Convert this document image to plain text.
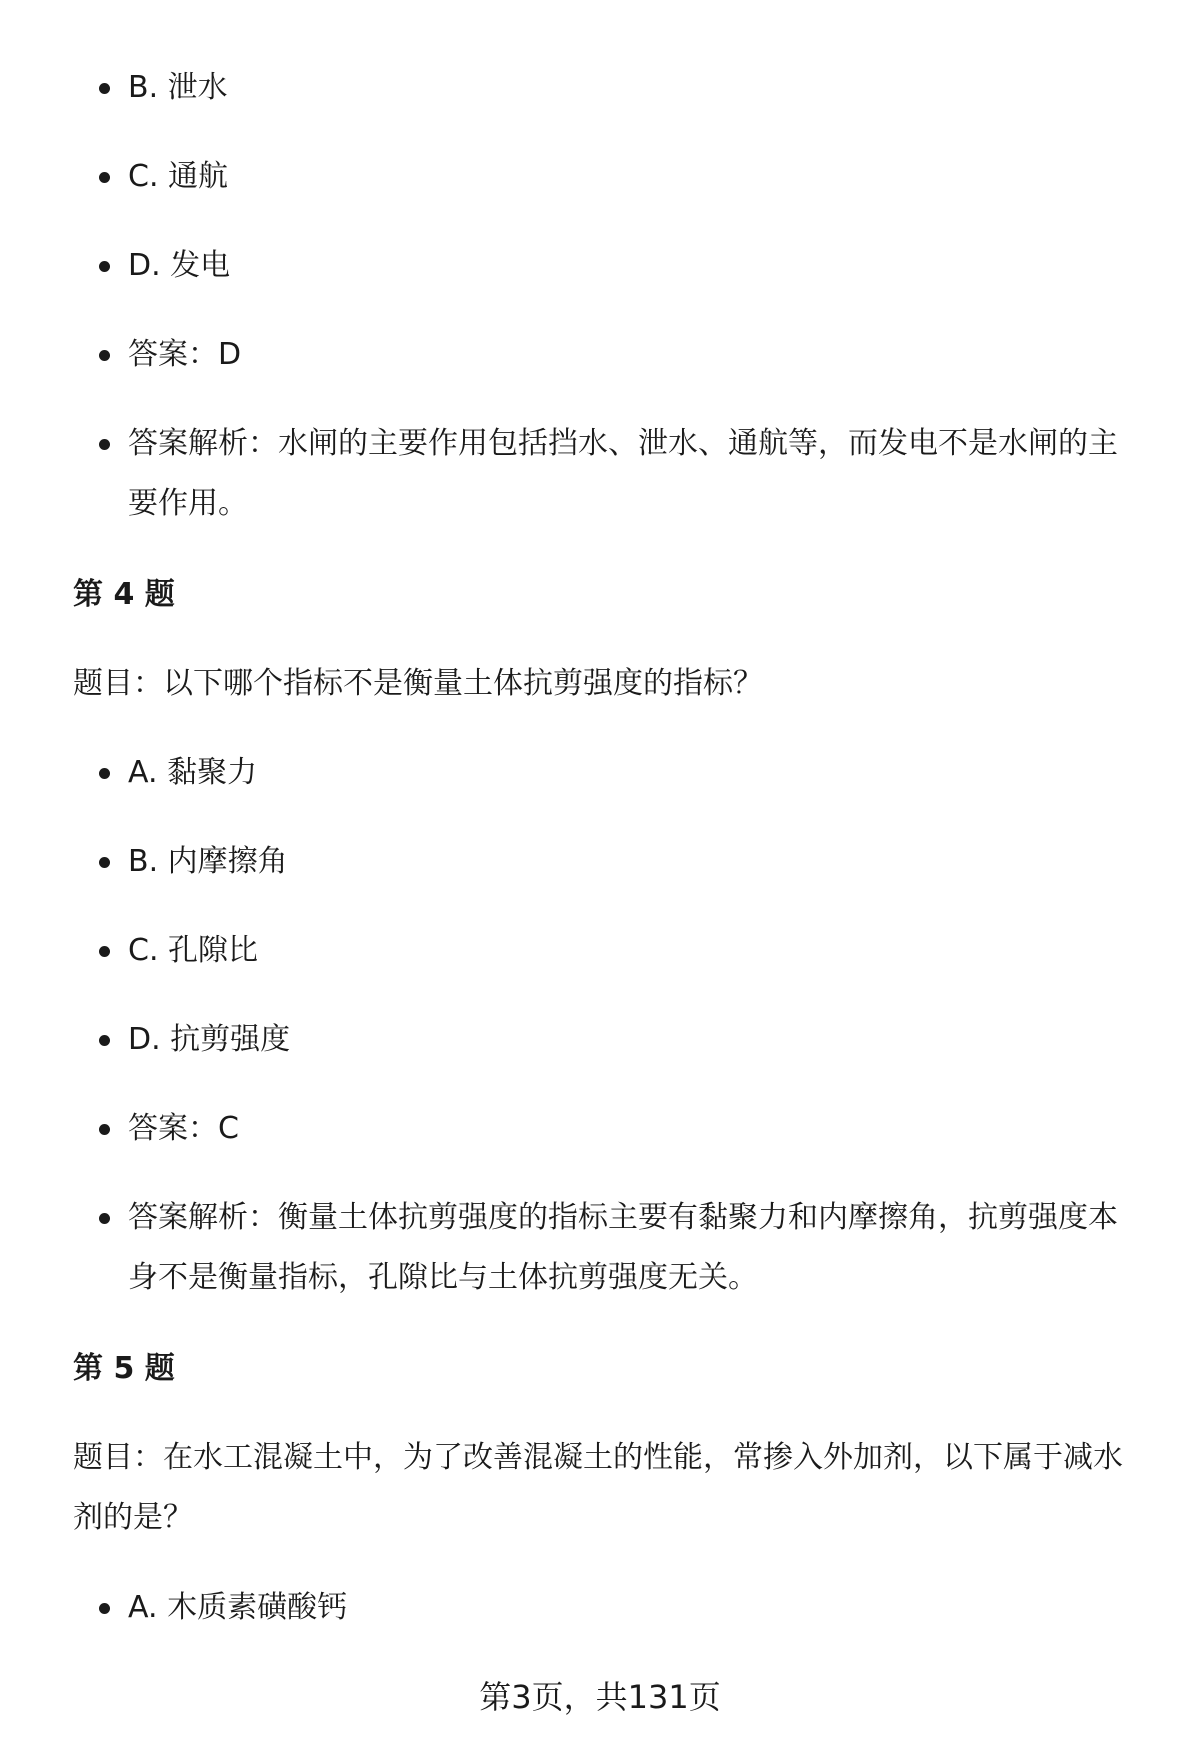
B. 泄水
C. 通航
D. 发电
答案：D
答案解析：水闸的主要作用包括挡水、泄水、通航等，而发电不是水闸的主要作用。
第 4 题
题目：以下哪个指标不是衡量土体抗剪强度的指标？
A. 黏聚力
B. 内摩擦角
C. 孔隙比
D. 抗剪强度
答案：C
答案解析：衡量土体抗剪强度的指标主要有黏聚力和内摩擦角，抗剪强度本身不是衡量指标，孔隙比与土体抗剪强度无关。
第 5 题
题目：在水工混凝土中，为了改善混凝土的性能，常掺入外加剂，以下属于减水剂的是？
A. 木质素磺酸钙
第3页，共131页
